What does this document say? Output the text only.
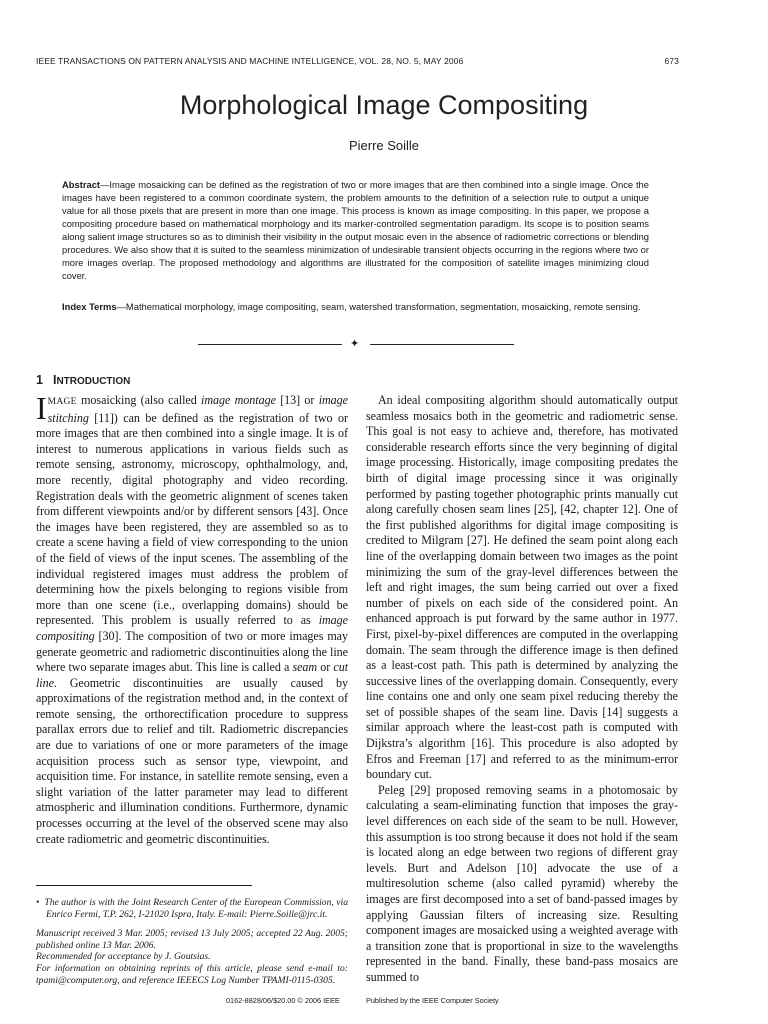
IEEE TRANSACTIONS ON PATTERN ANALYSIS AND MACHINE INTELLIGENCE, VOL. 28, NO. 5, MAY 2006	673
Morphological Image Compositing
Pierre Soille

Abstract—Image mosaicking can be defined as the registration of two or more images that are then combined into a single image. Once the images have been registered to a common coordinate system, the problem amounts to the definition of a selection rule to output a unique value for all those pixels that are present in more than one image. This process is known as image compositing. In this paper, we propose a compositing procedure based on mathematical morphology and its marker-controlled segmentation paradigm. Its scope is to position seams along salient image structures so as to diminish their visibility in the output mosaic even in the absence of radiometric corrections or blending procedures. We also show that it is suited to the seamless minimization of undesirable transient objects occurring in the regions where two or more images overlap. The proposed methodology and algorithms are illustrated for the composition of satellite images minimizing cloud cover.

Index Terms—Mathematical morphology, image compositing, seam, watershed transformation, segmentation, mosaicking, remote sensing.

✦
1 INTRODUCTION

IMAGE mosaicking (also called image montage [13] or image stitching [11]) can be defined as the registration of two or more images that are then combined into a single image. It is of interest to numerous applications in various fields such as remote sensing, astronomy, microscopy, ophthalmology, and, more recently, digital photography and video recording. Registration deals with the geometric alignment of scenes taken from different viewpoints and/or by different sensors [43]. Once the images have been registered, they are assembled so as to create a scene having a field of view corresponding to the union of the field of views of the input scenes. The assembling of the individual registered images must address the problem of determining how the pixels belonging to regions visible from more than one scene (i.e., overlapping domains) should be represented. This problem is usually referred to as image compositing [30]. The composition of two or more images may generate geometric and radiometric discontinuities along the line where two separate images abut. This line is called a seam or cut line. Geometric discontinuities are usually caused by approximations of the registration method and, in the context of remote sensing, the orthorectification procedure to suppress parallax errors due to relief and tilt. Radiometric discrepancies are due to variations of one or more parameters of the image acquisition process such as sensor type, viewpoint, and acquisition time. For instance, in satellite remote sensing, even a slight variation of the latter parameter may lead to different atmospheric and illumination conditions. Furthermore, dynamic processes occurring at the level of the observed scene may also create radiometric and geometric discontinuities.

An ideal compositing algorithm should automatically output seamless mosaics both in the geometric and radiometric sense. This goal is not easy to achieve and, therefore, has motivated considerable research efforts since the very beginning of digital image processing. Historically, image compositing predates the birth of digital image processing since it was originally performed by pasting together photographic prints manually cut along carefully chosen seam lines [25], [42, chapter 12]. One of the first published algorithms for digital image compositing is credited to Milgram [27]. He defined the seam point along each line of the overlapping domain between two images as the point minimizing the sum of the gray-level differences between the left and right images, the sum being carried out over a fixed number of pixels on each side of the considered point. An enhanced approach is put forward by the same author in 1977. First, pixel-by-pixel differences are computed in the overlapping domain. The seam through the difference image is then defined as a least-cost path. This path is determined by analyzing the successive lines of the overlapping domain. Consequently, every line contains one and only one seam pixel reducing thereby the set of possible shapes of the seam line. Davis [14] suggests a similar approach where the least-cost path is computed with Dijkstra’s algorithm [16]. This procedure is also adopted by Efros and Freeman [17] and referred to as the minimum-error boundary cut.

Peleg [29] proposed removing seams in a photomosaic by calculating a seam-eliminating function that imposes the gray-level differences on each side of the seam to be null. However, this assumption is too strong because it does not hold if the seam is located along an edge between two regions of different gray levels. Burt and Adelson [10] advocate the use of a multiresolution scheme (also called pyramid) whereby the images are first decomposed into a set of band-passed images by applying Gaussian filters of increasing size. Resulting component images are mosaicked using a weighted average with a transition zone that is proportional in size to the wavelengths represented in the band. Finally, these band-pass mosaics are summed to

• The author is with the Joint Research Center of the European Commission, via Enrico Fermi, T.P. 262, I-21020 Ispra, Italy. E-mail: Pierre.Soille@jrc.it.

Manuscript received 3 Mar. 2005; revised 13 July 2005; accepted 22 Aug. 2005; published online 13 Mar. 2006.

Recommended for acceptance by J. Goutsias.

For information on obtaining reprints of this article, please send e-mail to: tpami@computer.org, and reference IEEECS Log Number TPAMI-0115-0305.

0162-8828/06/$20.00 © 2006 IEEE	Published by the IEEE Computer Society
